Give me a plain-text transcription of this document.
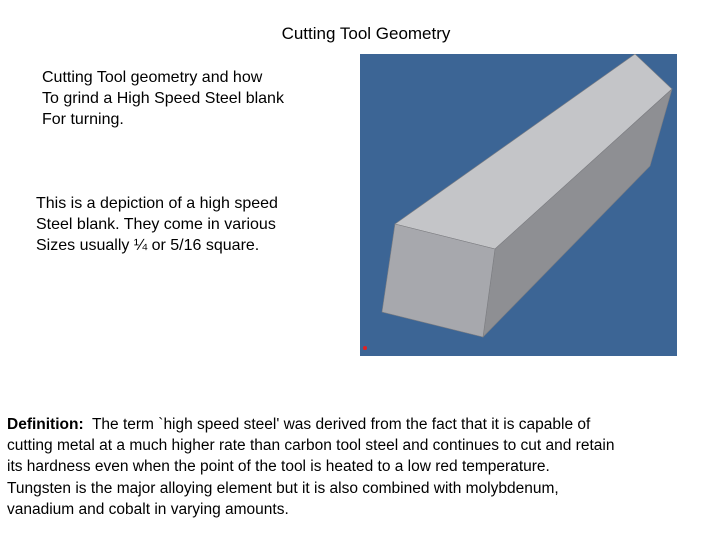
Cutting Tool Geometry
Cutting Tool geometry and how
To grind a High Speed Steel blank
For turning.
This is a depiction of a high speed
Steel blank. They come in various
Sizes usually ¼ or 5/16 square.
Definition:  The term `high speed steel' was derived from the fact that it is capable of
cutting metal at a much higher rate than carbon tool steel and continues to cut and retain
its hardness even when the point of the tool is heated to a low red temperature.
Tungsten is the major alloying element but it is also combined with molybdenum,
vanadium and cobalt in varying amounts.
